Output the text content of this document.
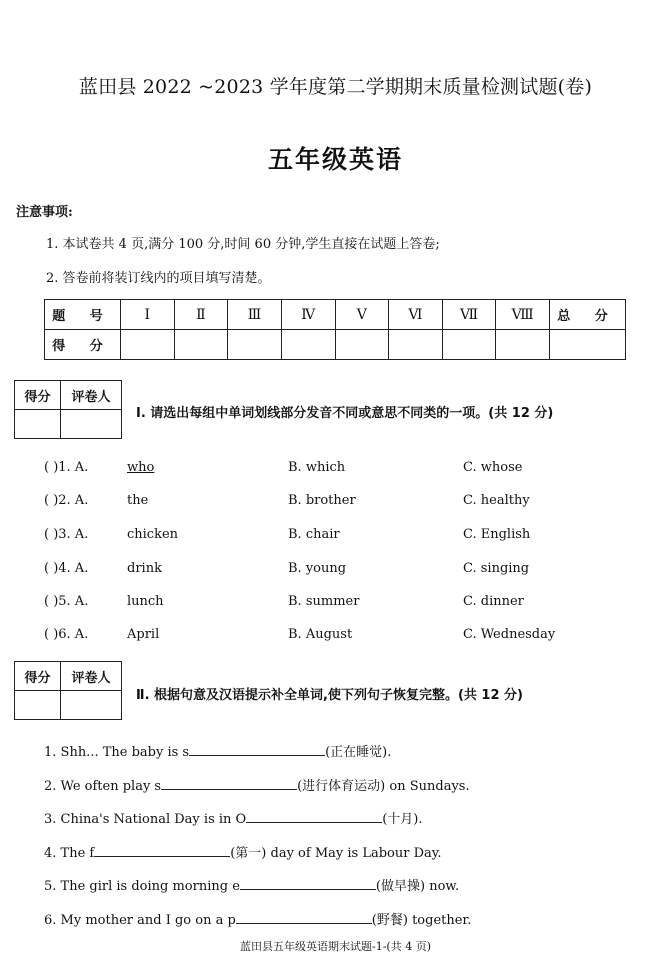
蓝田县 2022 ~2023 学年度第二学期期末质量检测试题(卷)
五年级英语
注意事项:
1. 本试卷共 4 页,满分 100 分,时间 60 分钟,学生直接在试题上答卷;
2. 答卷前将装订线内的项目填写清楚。
题 号	Ⅰ	Ⅱ	Ⅲ	Ⅳ	Ⅴ	Ⅵ	Ⅶ	Ⅷ	总 分
得 分									
得分	评卷人

Ⅰ. 请选出每组中单词划线部分发音不同或意思不同类的一项。(共 12 分)
( )1. A.	who	B. which	C. whose
( )2. A.	the	B. brother	C. healthy
( )3. A.	chicken	B. chair	C. English
( )4. A.	drink	B. young	C. singing
( )5. A.	lunch	B. summer	C. dinner
( )6. A.	April	B. August	C. Wednesday
得分	评卷人

Ⅱ. 根据句意及汉语提示补全单词,使下列句子恢复完整。(共 12 分)
1. Shh... The baby is s	(正在睡觉).
2. We often play s	(进行体育运动) on Sundays.
3. China's National Day is in O	(十月).
4. The f	(第一) day of May is Labour Day.
5. The girl is doing morning e	(做早操) now.
6. My mother and I go on a p	(野餐) together.
蓝田县五年级英语期末试题-1-(共 4 页)
